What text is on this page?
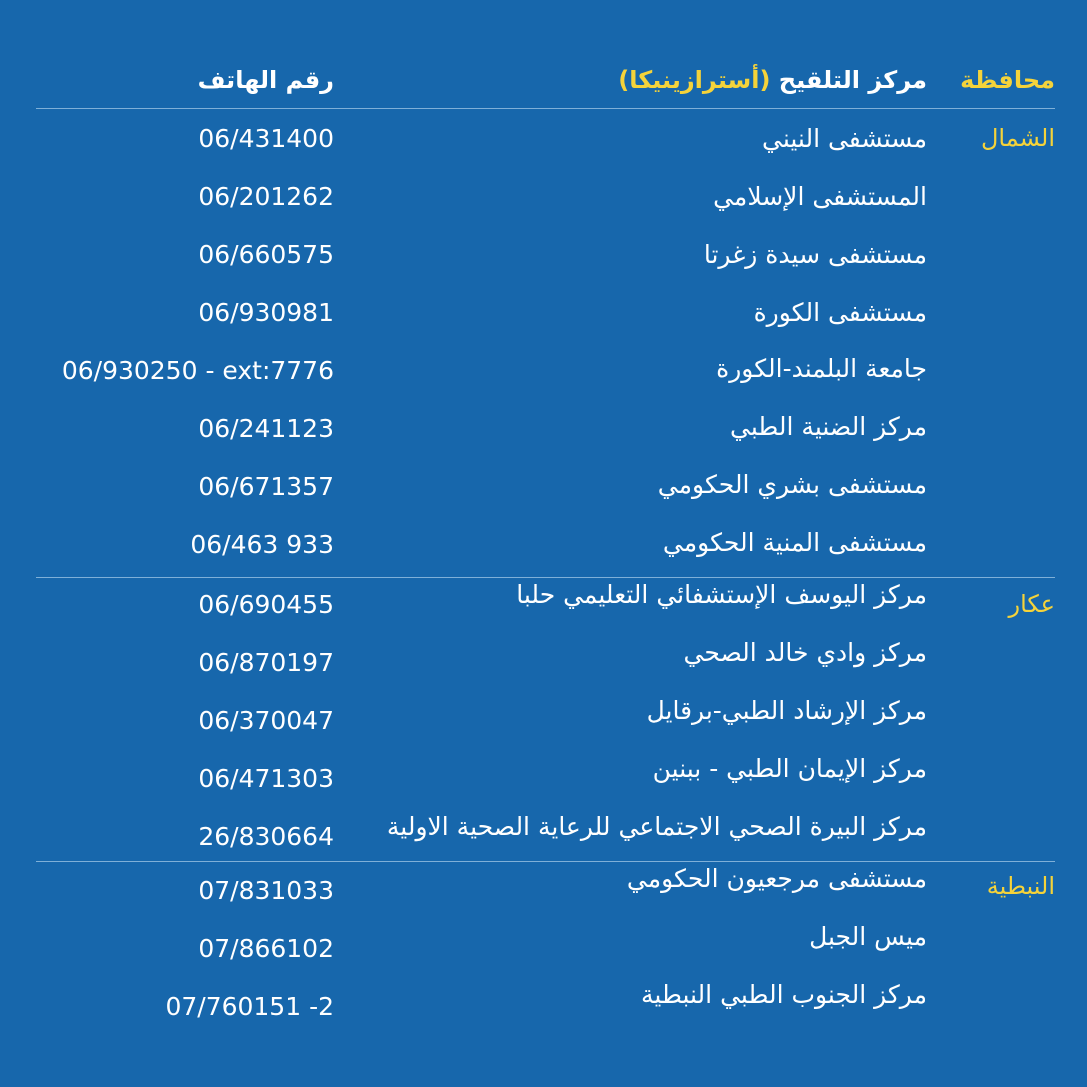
محافظة
مركز التلقيح (أسترازينيكا)
رقم الهاتف
الشمال
مستشفى النيني
06/431400
المستشفى الإسلامي
06/201262
مستشفى سيدة زغرتا
06/660575
مستشفى الكورة
06/930981
جامعة البلمند-الكورة
06/930250 - ext:7776
مركز الضنية الطبي
06/241123
مستشفى بشري الحكومي
06/671357
مستشفى المنية الحكومي
06/463 933
عكار
مركز اليوسف الإستشفائي التعليمي حلبا
06/690455
مركز وادي خالد الصحي
06/870197
مركز الإرشاد الطبي-برقايل
06/370047
مركز الإيمان الطبي - ببنين
06/471303
مركز البيرة الصحي الاجتماعي للرعاية الصحية الاولية
26/830664
النبطية
مستشفى مرجعيون الحكومي
07/831033
ميس الجبل
07/866102
مركز الجنوب الطبي النبطية
07/760151 -2
